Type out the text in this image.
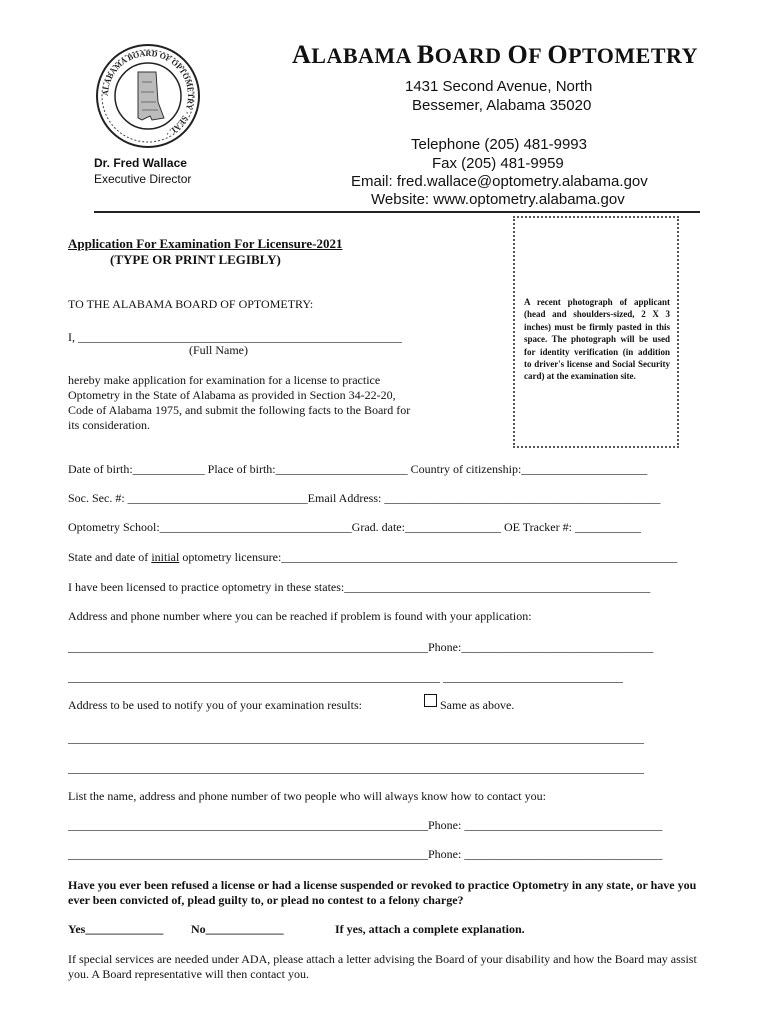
ALABAMA BOARD OF OPTOMETRY · SEAL ·
ALABAMA BOARD OF OPTOMETRY
1431 Second Avenue, North
Bessemer, Alabama 35020
Telephone (205) 481-9993
Fax (205) 481-9959
Email: fred.wallace@optometry.alabama.gov
Website: www.optometry.alabama.gov
Dr. Fred Wallace
Executive Director
A recent photograph of applicant (head and shoulders-sized, 2 X 3 inches) must be firmly pasted in this space. The photograph will be used for identity verification (in addition to driver's license and Social Security card) at the examination site.
Application For Examination For Licensure-2021
(TYPE OR PRINT LEGIBLY)
TO THE ALABAMA BOARD OF OPTOMETRY:
I, ______________________________________________________
(Full Name)
hereby make application for examination for a license to practice Optometry in the State of Alabama as provided in Section 34-22-20, Code of Alabama 1975, and submit the following facts to the Board for its consideration.
Date of birth:____________ Place of birth:______________________ Country of citizenship:_____________________
Soc. Sec. #: ______________________________Email Address: ______________________________________________
Optometry School:________________________________Grad. date:________________ OE Tracker #: ___________
State and date of initial optometry licensure:__________________________________________________________________
I have been licensed to practice optometry in these states:___________________________________________________
Address and phone number where you can be reached if problem is found with your application:
____________________________________________________________Phone:________________________________
______________________________________________________________ ______________________________
Address to be used to notify you of your examination results:	Same as above.
________________________________________________________________________________________________
________________________________________________________________________________________________
List the name, address and phone number of two people who will always know how to contact you:
____________________________________________________________Phone: _________________________________
____________________________________________________________Phone: _________________________________
Have you ever been refused a license or had a license suspended or revoked to practice Optometry in any state, or have you ever been convicted of, plead guilty to, or plead no contest to a felony charge?
Yes_____________ No_____________	If yes, attach a complete explanation.
If special services are needed under ADA, please attach a letter advising the Board of your disability and how the Board may assist you. A Board representative will then contact you.
